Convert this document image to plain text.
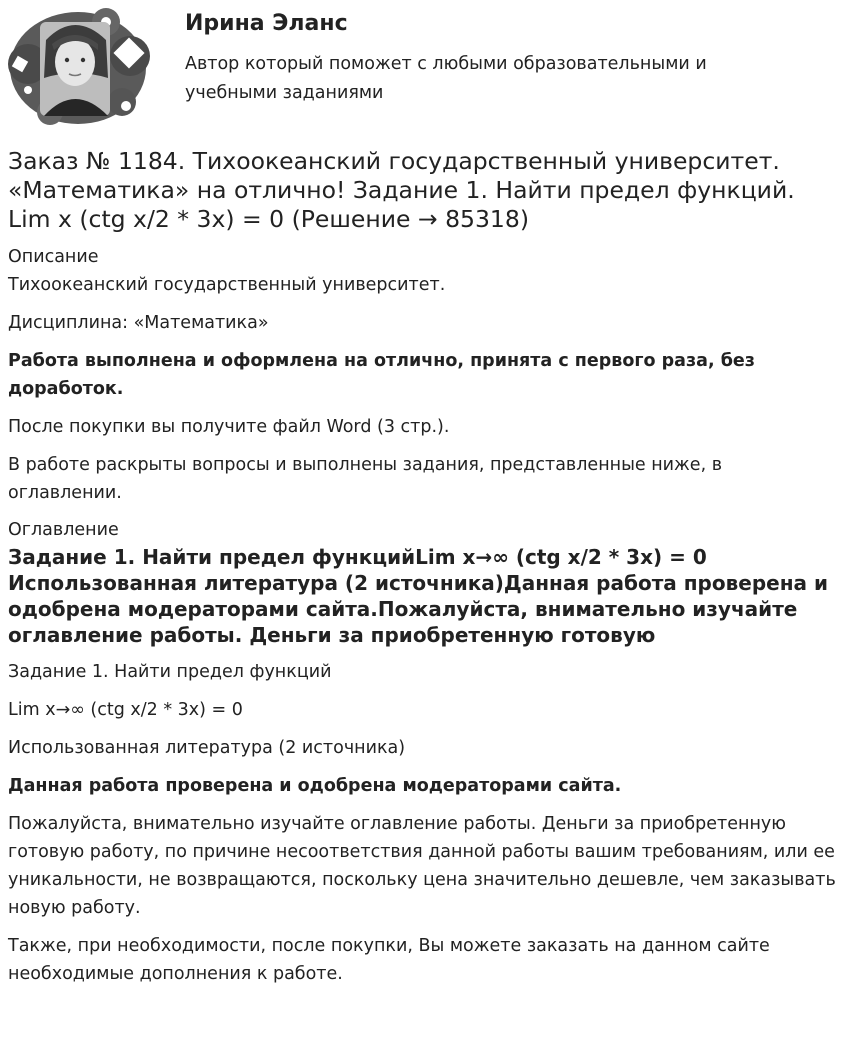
Ирина Эланс

Автор который поможет с любыми образовательными и учебными заданиями

Заказ № 1184. Тихоокеанский государственный университет. «Математика» на отлично! Задание 1. Найти предел функций. Lim x (ctg x/2 * 3x) = 0 (Решение → 85318)
Описание

Тихоокеанский государственный университет.

Дисциплина: «Математика»

Работа выполнена и оформлена на отлично, принята с первого раза, без доработок.

После покупки вы получите файл Word (3 стр.).

В работе раскрыты вопросы и выполнены задания, представленные ниже, в оглавлении.

Оглавление
Задание 1. Найти предел функцийLim x→∞ (ctg x/2 * 3x) = 0 Использованная литература (2 источника)Данная работа проверена и одобрена модераторами сайта.Пожалуйста, внимательно изучайте оглавление работы. Деньги за приобретенную готовую

Задание 1. Найти предел функций

Lim x→∞ (ctg x/2 * 3x) = 0

Использованная литература (2 источника)

Данная работа проверена и одобрена модераторами сайта.

Пожалуйста, внимательно изучайте оглавление работы. Деньги за приобретенную готовую работу, по причине несоответствия данной работы вашим требованиям, или ее уникальности, не возвращаются, поскольку цена значительно дешевле, чем заказывать новую работу.

Также, при необходимости, после покупки, Вы можете заказать на данном сайте необходимые дополнения к работе.
